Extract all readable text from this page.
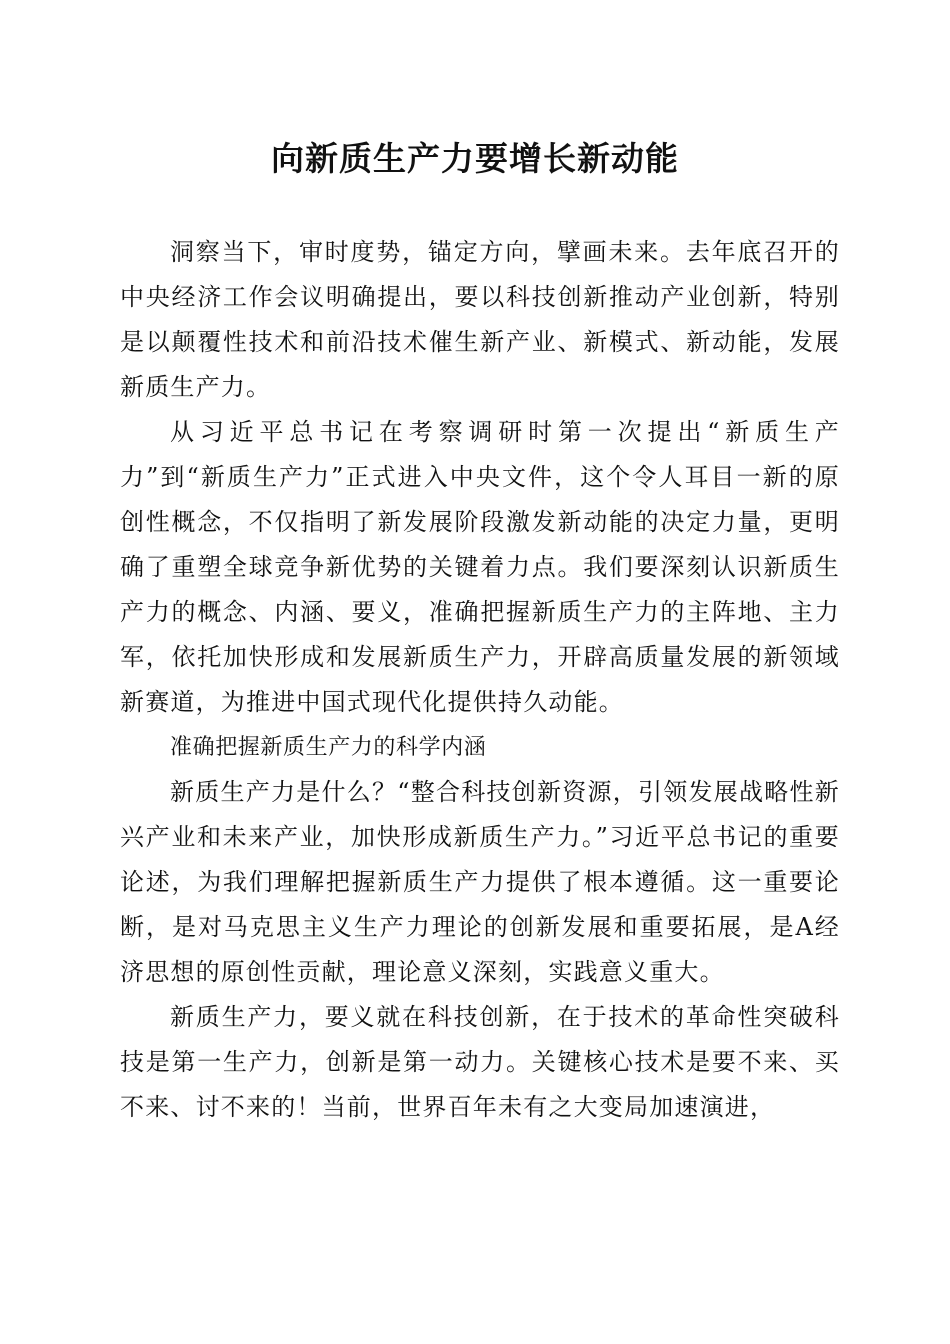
向新质生产力要增长新动能

洞察当下，审时度势，锚定方向，擘画未来。去年底召开的中央经济工作会议明确提出，要以科技创新推动产业创新，特别是以颠覆性技术和前沿技术催生新产业、新模式、新动能，发展新质生产力。

从习近平总书记在考察调研时第一次提出“新质生产力”到“新质生产力”正式进入中央文件，这个令人耳目一新的原创性概念，不仅指明了新发展阶段激发新动能的决定力量，更明确了重塑全球竞争新优势的关键着力点。我们要深刻认识新质生产力的概念、内涵、要义，准确把握新质生产力的主阵地、主力军，依托加快形成和发展新质生产力，开辟高质量发展的新领域新赛道，为推进中国式现代化提供持久动能。

准确把握新质生产力的科学内涵

新质生产力是什么？“整合科技创新资源，引领发展战略性新兴产业和未来产业，加快形成新质生产力。”习近平总书记的重要论述，为我们理解把握新质生产力提供了根本遵循。这一重要论断，是对马克思主义生产力理论的创新发展和重要拓展，是A经济思想的原创性贡献，理论意义深刻，实践意义重大。

新质生产力，要义就在科技创新，在于技术的革命性突破科技是第一生产力，创新是第一动力。关键核心技术是要不来、买不来、讨不来的！当前，世界百年未有之大变局加速演进，
